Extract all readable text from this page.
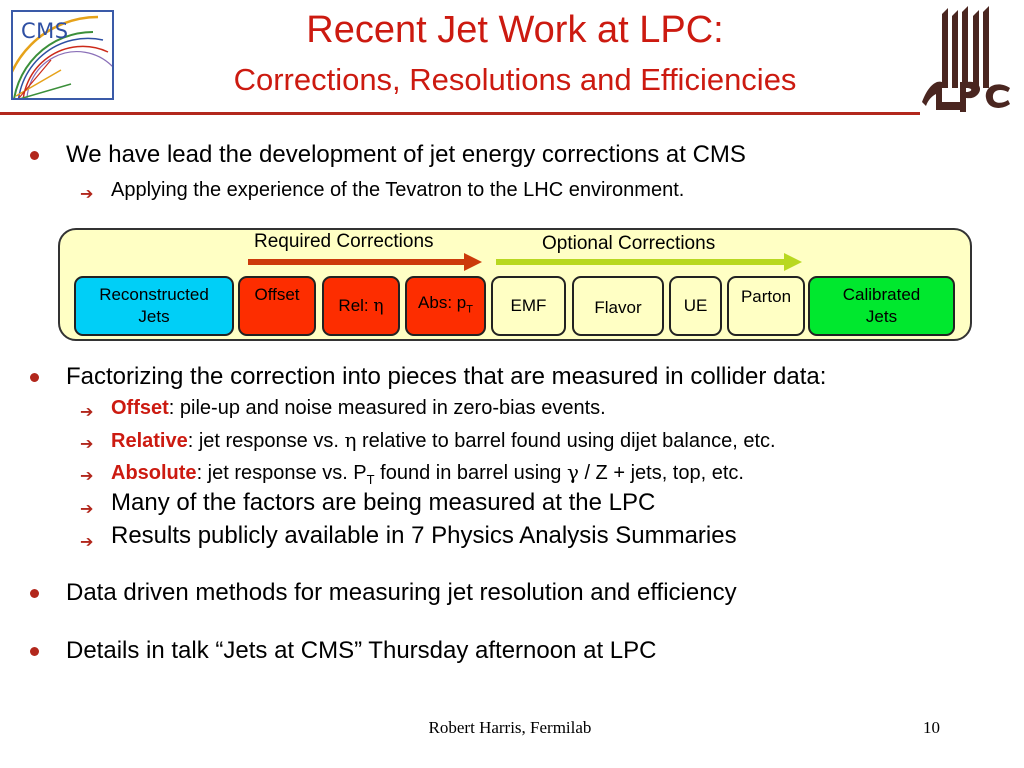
CMS	Recent Jet Work at LPC:
Corrections, Resolutions and Efficiencies
We have lead the development of jet energy corrections at CMS
➔ Applying the experience of the Tevatron to the LHC environment.
Required Corrections	Optional Corrections
Reconstructed
Jets
Offset
Rel: η Abs: $p_T$ EMF	Flavor UE Parton	Calibrated
Jets
Factorizing the correction into pieces that are measured in collider data:
➔ Offset: pile-up and noise measured in zero-bias events.
➔ Relative: jet response vs. η relative to barrel found using dijet balance, etc.
➔ Absolute: jet response vs. $P_T$ found in barrel using γ / Z + jets, top, etc.
➔ Many of the factors are being measured at the LPC
➔ Results publicly available in 7 Physics Analysis Summaries
Data driven methods for measuring jet resolution and efficiency
Details in talk “Jets at CMS” Thursday afternoon at LPC
Robert Harris, Fermilab	10
